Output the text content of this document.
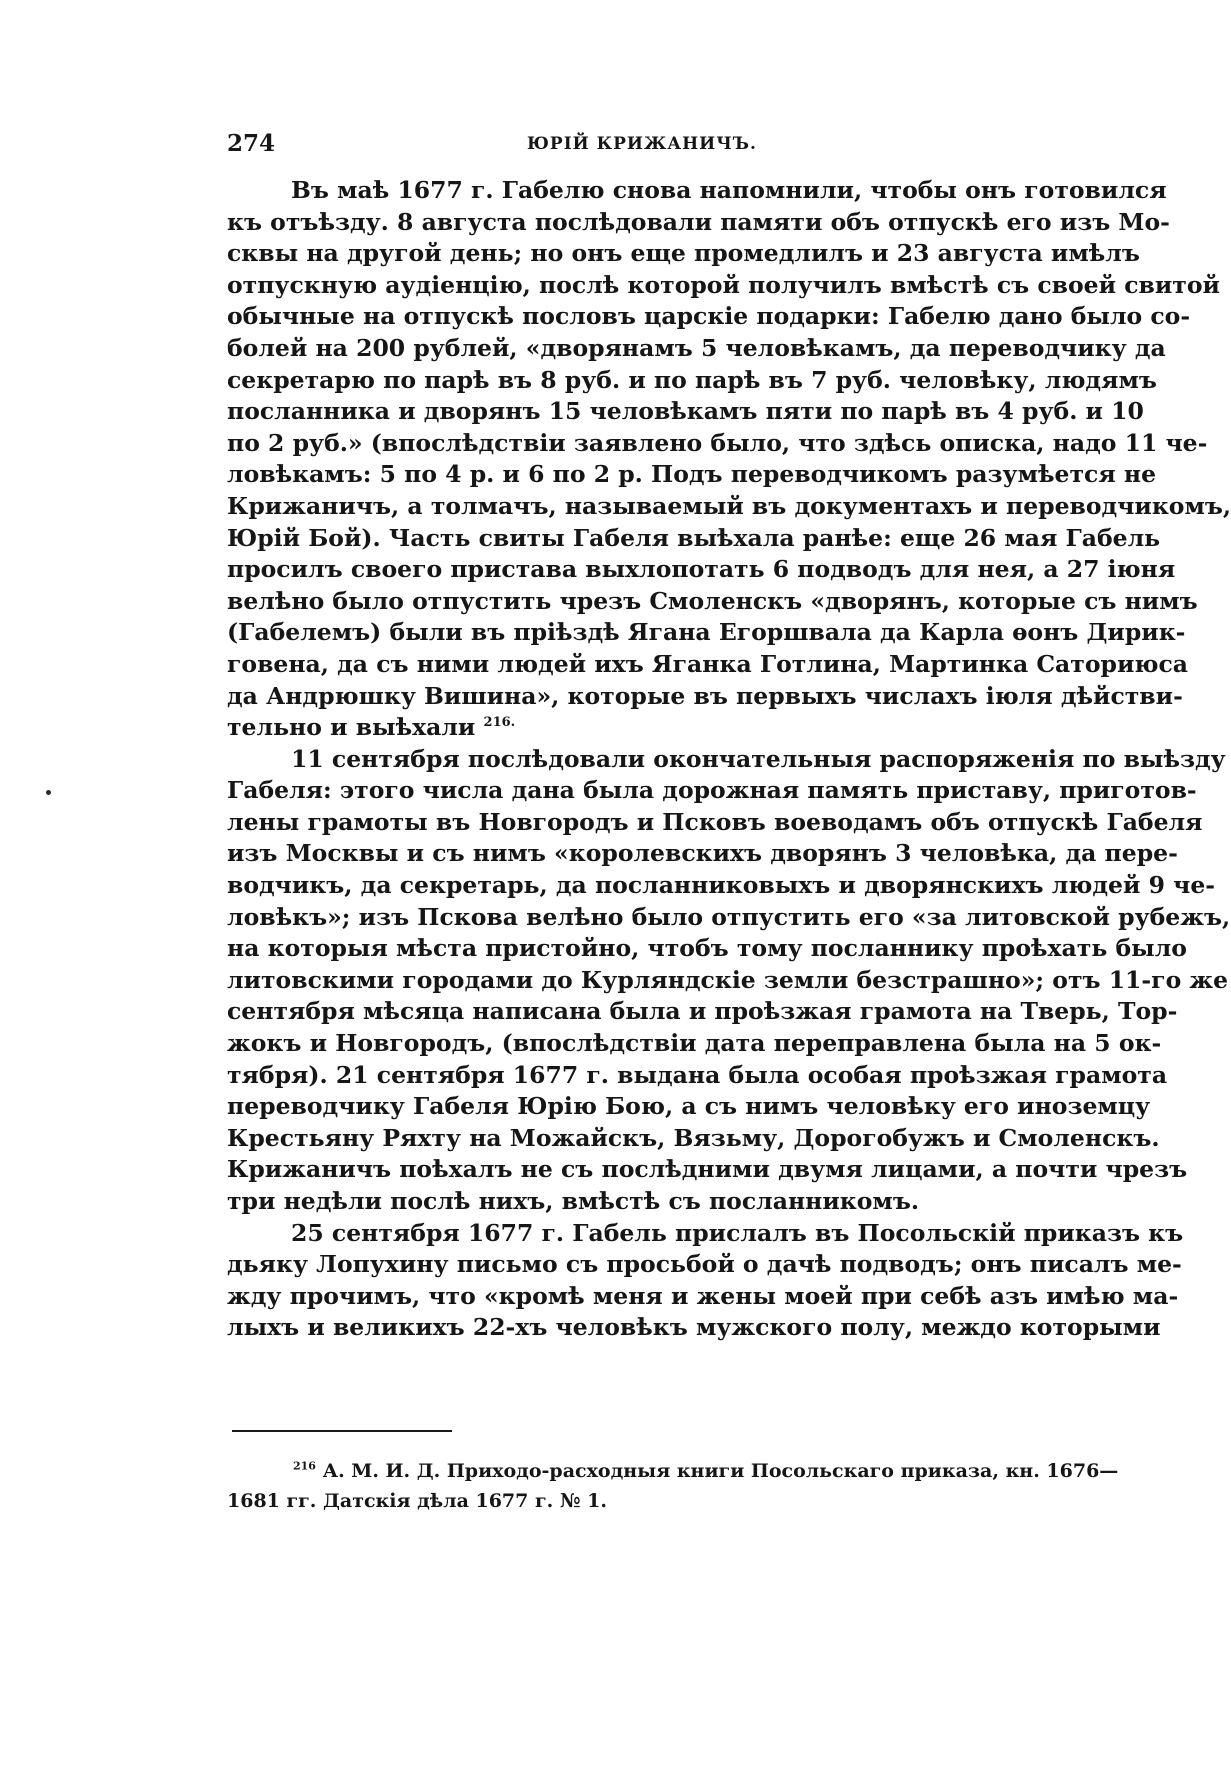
274	ЮРІЙ КРИЖАНИЧЪ.
Въ маѣ 1677 г. Габелю снова напомнили, чтобы онъ готовился
къ отъѣзду. 8 августа послѣдовали памяти объ отпускѣ его изъ Мо-
сквы на другой день; но онъ еще промедлилъ и 23 августа имѣлъ
отпускную аудіенцію, послѣ которой получилъ вмѣстѣ съ своей свитой
обычные на отпускѣ пословъ царскіе подарки: Габелю дано было со-
болей на 200 рублей, «дворянамъ 5 человѣкамъ, да переводчику да
секретарю по парѣ въ 8 руб. и по парѣ въ 7 руб. человѣку, людямъ
посланника и дворянъ 15 человѣкамъ пяти по парѣ въ 4 руб. и 10
по 2 руб.» (впослѣдствіи заявлено было, что здѣсь описка, надо 11 че-
ловѣкамъ: 5 по 4 р. и 6 по 2 р. Подъ переводчикомъ разумѣется не
Крижаничъ, а толмачъ, называемый въ документахъ и переводчикомъ,
Юрій Бой). Часть свиты Габеля выѣхала ранѣе: еще 26 мая Габель
просилъ своего пристава выхлопотать 6 подводъ для нея, а 27 іюня
велѣно было отпустить чрезъ Смоленскъ «дворянъ, которые съ нимъ
(Габелемъ) были въ пріѣздѣ Ягана Егоршвала да Карла ѳонъ Дирик-
говена, да съ ними людей ихъ Яганка Готлина, Мартинка Саториюса
да Андрюшку Вишина», которые въ первыхъ числахъ іюля дѣйстви-
тельно и выѣхали $^{216.}$
11 сентября послѣдовали окончательныя распоряженія по выѣзду
Габеля: этого числа дана была дорожная память приставу, приготов-
лены грамоты въ Новгородъ и Псковъ воеводамъ объ отпускѣ Габеля
изъ Москвы и съ нимъ «королевскихъ дворянъ 3 человѣка, да пере-
водчикъ, да секретарь, да посланниковыхъ и дворянскихъ людей 9 че-
ловѣкъ»; изъ Пскова велѣно было отпустить его «за литовской рубежъ,
на которыя мѣста пристойно, чтобъ тому посланнику проѣхать было
литовскими городами до Курляндскіе земли безстрашно»; отъ 11-го же
сентября мѣсяца написана была и проѣзжая грамота на Тверь, Тор-
жокъ и Новгородъ, (впослѣдствіи дата переправлена была на 5 ок-
тября). 21 сентября 1677 г. выдана была особая проѣзжая грамота
переводчику Габеля Юрію Бою, а съ нимъ человѣку его иноземцу
Крестьяну Ряхту на Можайскъ, Вязьму, Дорогобужъ и Смоленскъ.
Крижаничъ поѣхалъ не съ послѣдними двумя лицами, а почти чрезъ
три недѣли послѣ нихъ, вмѣстѣ съ посланникомъ.
25 сентября 1677 г. Габель прислалъ въ Посольскій приказъ къ
дьяку Лопухину письмо съ просьбой о дачѣ подводъ; онъ писалъ ме-
жду прочимъ, что «кромѣ меня и жены моей при себѣ азъ имѣю ма-
лыхъ и великихъ 22-хъ человѣкъ мужского полу, междо которыми
$^{216}$ А. М. И. Д. Приходо-расходныя книги Посольскаго приказа, кн. 1676—
1681 гг. Датскія дѣла 1677 г. № 1.
